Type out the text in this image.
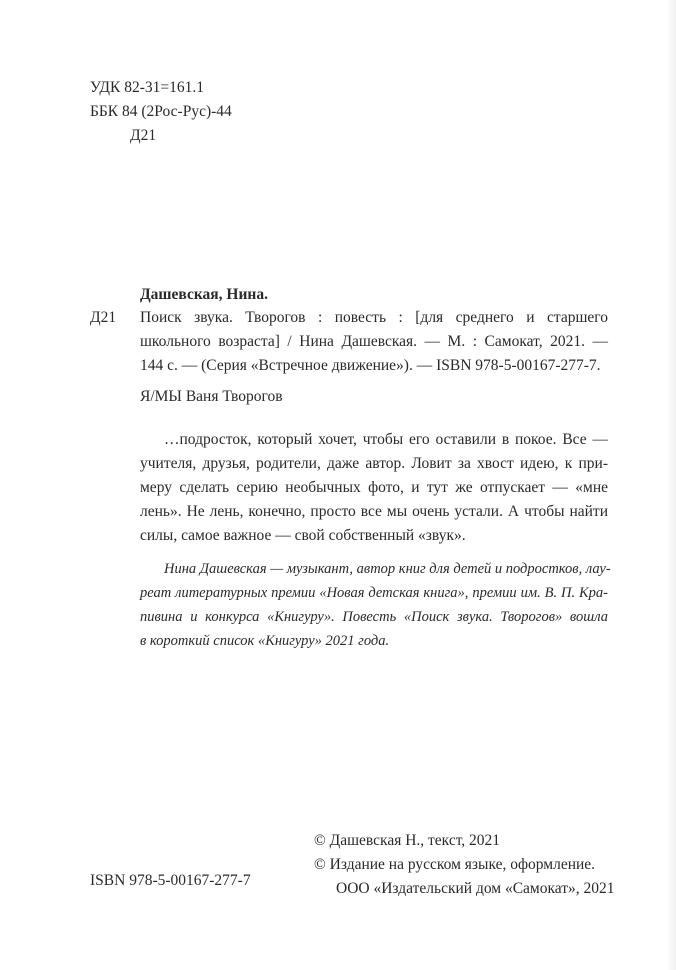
УДК 82-31=161.1
ББК 84 (2Рос-Рус)-44
Д21
Дашевская, Нина.
Д21 Поиск звука. Творогов : повесть : [для среднего и старшего
школьного возраста] / Нина Дашевская. — М. : Самокат, 2021. —
144 с. — (Серия «Встречное движение»). — ISBN 978-5-00167-277-7.
Я/МЫ Ваня Творогов
…подросток, который хочет, чтобы его оставили в покое. Все —
учителя, друзья, родители, даже автор. Ловит за хвост идею, к при-
меру сделать серию необычных фото, и тут же отпускает — «мне
лень». Не лень, конечно, просто все мы очень устали. А чтобы найти
силы, самое важное — свой собственный «звук».
Нина Дашевская — музыкант, автор книг для детей и подростков, лау-
реат литературных премии «Новая детская книга», премии им. В. П. Кра-
пивина и конкурса «Книгуру». Повесть «Поиск звука. Творогов» вошла
в короткий список «Книгуру» 2021 года.
© Дашевская Н., текст, 2021
© Издание на русском языке, оформление.
ООО «Издательский дом «Самокат», 2021
ISBN 978-5-00167-277-7
